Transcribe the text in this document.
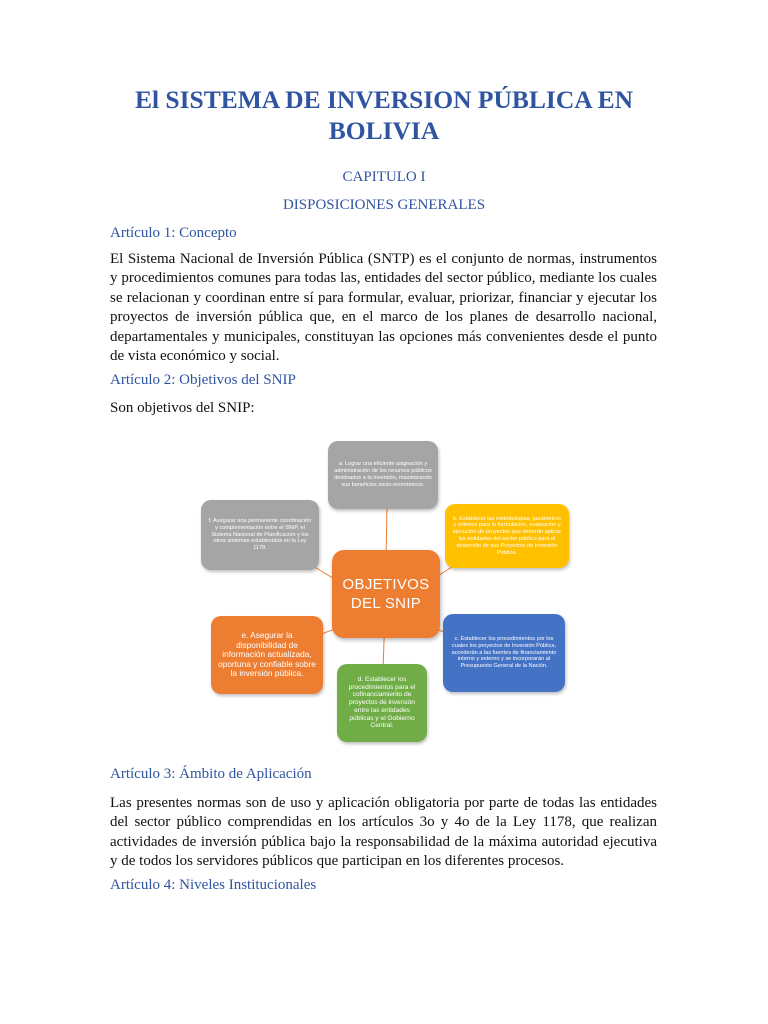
El SISTEMA DE INVERSION PÚBLICA EN BOLIVIA

CAPITULO I

DISPOSICIONES GENERALES

Artículo 1: Concepto

El Sistema Nacional de Inversión Pública (SNTP) es el conjunto de normas, instrumentos y procedimientos comunes para todas las, entidades del sector público, mediante los cuales se relacionan y coordinan entre sí para formular, evaluar, priorizar, financiar y ejecutar los proyectos de inversión pública que, en el marco de los planes de desarrollo nacional, departamentales y municipales, constituyan las opciones más convenientes desde el punto de vista económico y social.

Artículo 2: Objetivos del SNIP

Son objetivos del SNIP:

a. Lograr una eficiente asignación y administración de los recursos públicos destinados a la inversión, maximizando sus beneficios socio-económicos.
b. Establecer las metodologías, parámetros y criterios para la formulación, evaluación y ejecución de proyectos que deberán aplicar las entidades del sector público para el desarrollo de sus Proyectos de Inversión Pública.
c. Establecer los procedimientos por los cuales los proyectos de Inversión Pública, accederán a las fuentes de financiamiento interno y externo y se incorporarán al Presupuesto General de la Nación.
d. Establecer los procedimientos para el cofinanciamiento de proyectos de inversión entre las entidades públicas y el Gobierno Central.
e. Asegurar la disponibilidad de información actualizada, oportuna y confiable sobre la inversión pública.
f. Asegurar una permanente coordinación y complementación entre el SNIP, el Sistema Nacional de Planificación y los otros sistemas establecidos en la Ley 1178.
OBJETIVOS
DEL SNIP
Artículo 3: Ámbito de Aplicación

Las presentes normas son de uso y aplicación obligatoria por parte de todas las entidades del sector público comprendidas en los artículos 3o y 4o de la Ley 1178, que realizan actividades de inversión pública bajo la responsabilidad de la máxima autoridad ejecutiva y de todos los servidores públicos que participan en los diferentes procesos.

Artículo 4: Niveles Institucionales
